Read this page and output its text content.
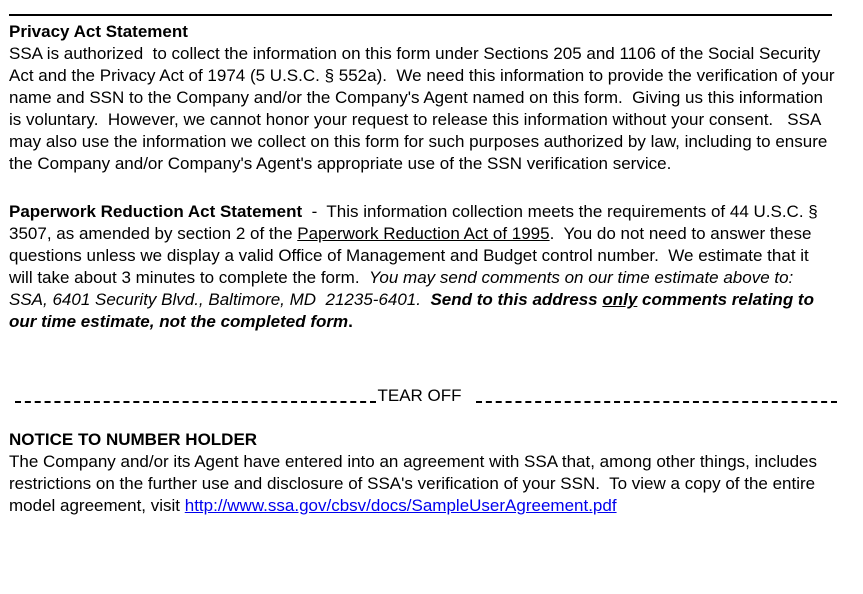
Privacy Act Statement

SSA is authorized  to collect the information on this form under Sections 205 and 1106 of the Social Security Act and the Privacy Act of 1974 (5 U.S.C. § 552a).  We need this information to provide the verification of your name and SSN to the Company and/or the Company's Agent named on this form.  Giving us this information is voluntary.  However, we cannot honor your request to release this information without your consent.   SSA may also use the information we collect on this form for such purposes authorized by law, including to ensure the Company and/or Company's Agent's appropriate use of the SSN verification service.

Paperwork Reduction Act Statement  -  This information collection meets the requirements of 44 U.S.C. § 3507, as amended by section 2 of the Paperwork Reduction Act of 1995.  You do not need to answer these questions unless we display a valid Office of Management and Budget control number.  We estimate that it will take about 3 minutes to complete the form.  You may send comments on our time estimate above to:  SSA, 6401 Security Blvd., Baltimore, MD  21235-6401.  Send to this address only comments relating to our time estimate, not the completed form.

TEAR OFF
NOTICE TO NUMBER HOLDER

The Company and/or its Agent have entered into an agreement with SSA that, among other things, includes restrictions on the further use and disclosure of SSA's verification of your SSN.  To view a copy of the entire model agreement, visit http://www.ssa.gov/cbsv/docs/SampleUserAgreement.pdf
